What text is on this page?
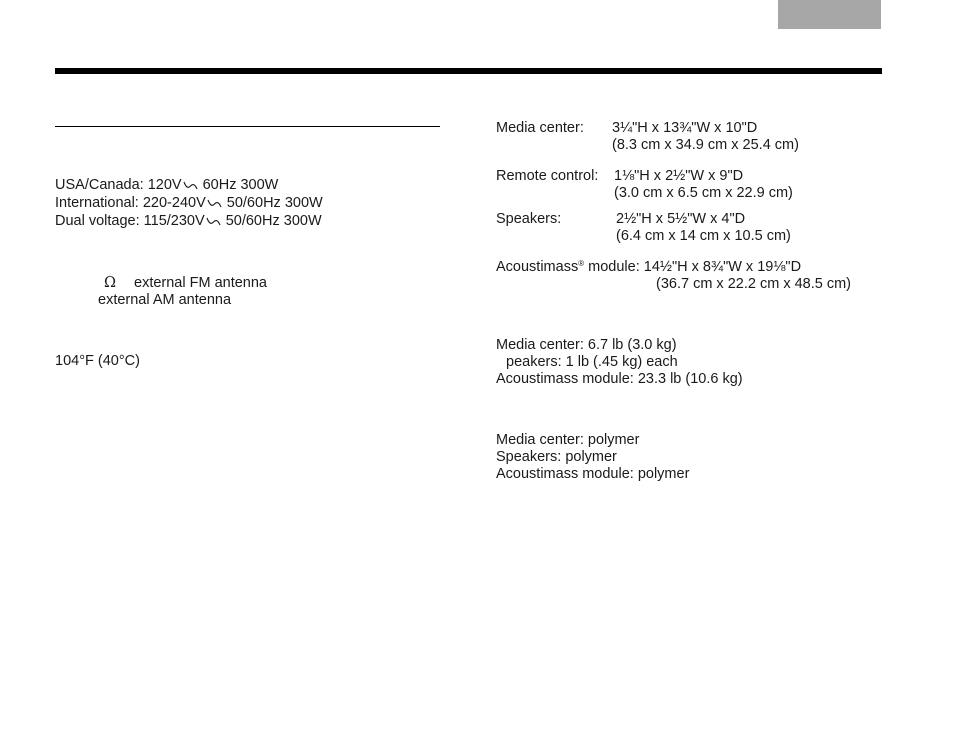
USA/Canada: 120V
60Hz 300W
International: 220-240V
50/60Hz 300W
Dual voltage: 115/230V
50/60Hz 300W
Ω external FM antenna
external AM antenna
104°F (40°C)
Media center: 3¼"H x 13¾"W x 10"D
(8.3 cm x 34.9 cm x 25.4 cm)
Remote control: 1⅛"H x 2½"W x 9"D
(3.0 cm x 6.5 cm x 22.9 cm)
Speakers:	2½"H x 5½"W x 4"D
(6.4 cm x 14 cm x 10.5 cm)
Acoustimass® module: 14½"H x 8¾"W x 19⅛"D
(36.7 cm x 22.2 cm x 48.5 cm)
Media center: 6.7 lb (3.0 kg)
peakers: 1 lb (.45 kg) each
Acoustimass module: 23.3 lb (10.6 kg)
Media center: polymer
Speakers: polymer
Acoustimass module: polymer
